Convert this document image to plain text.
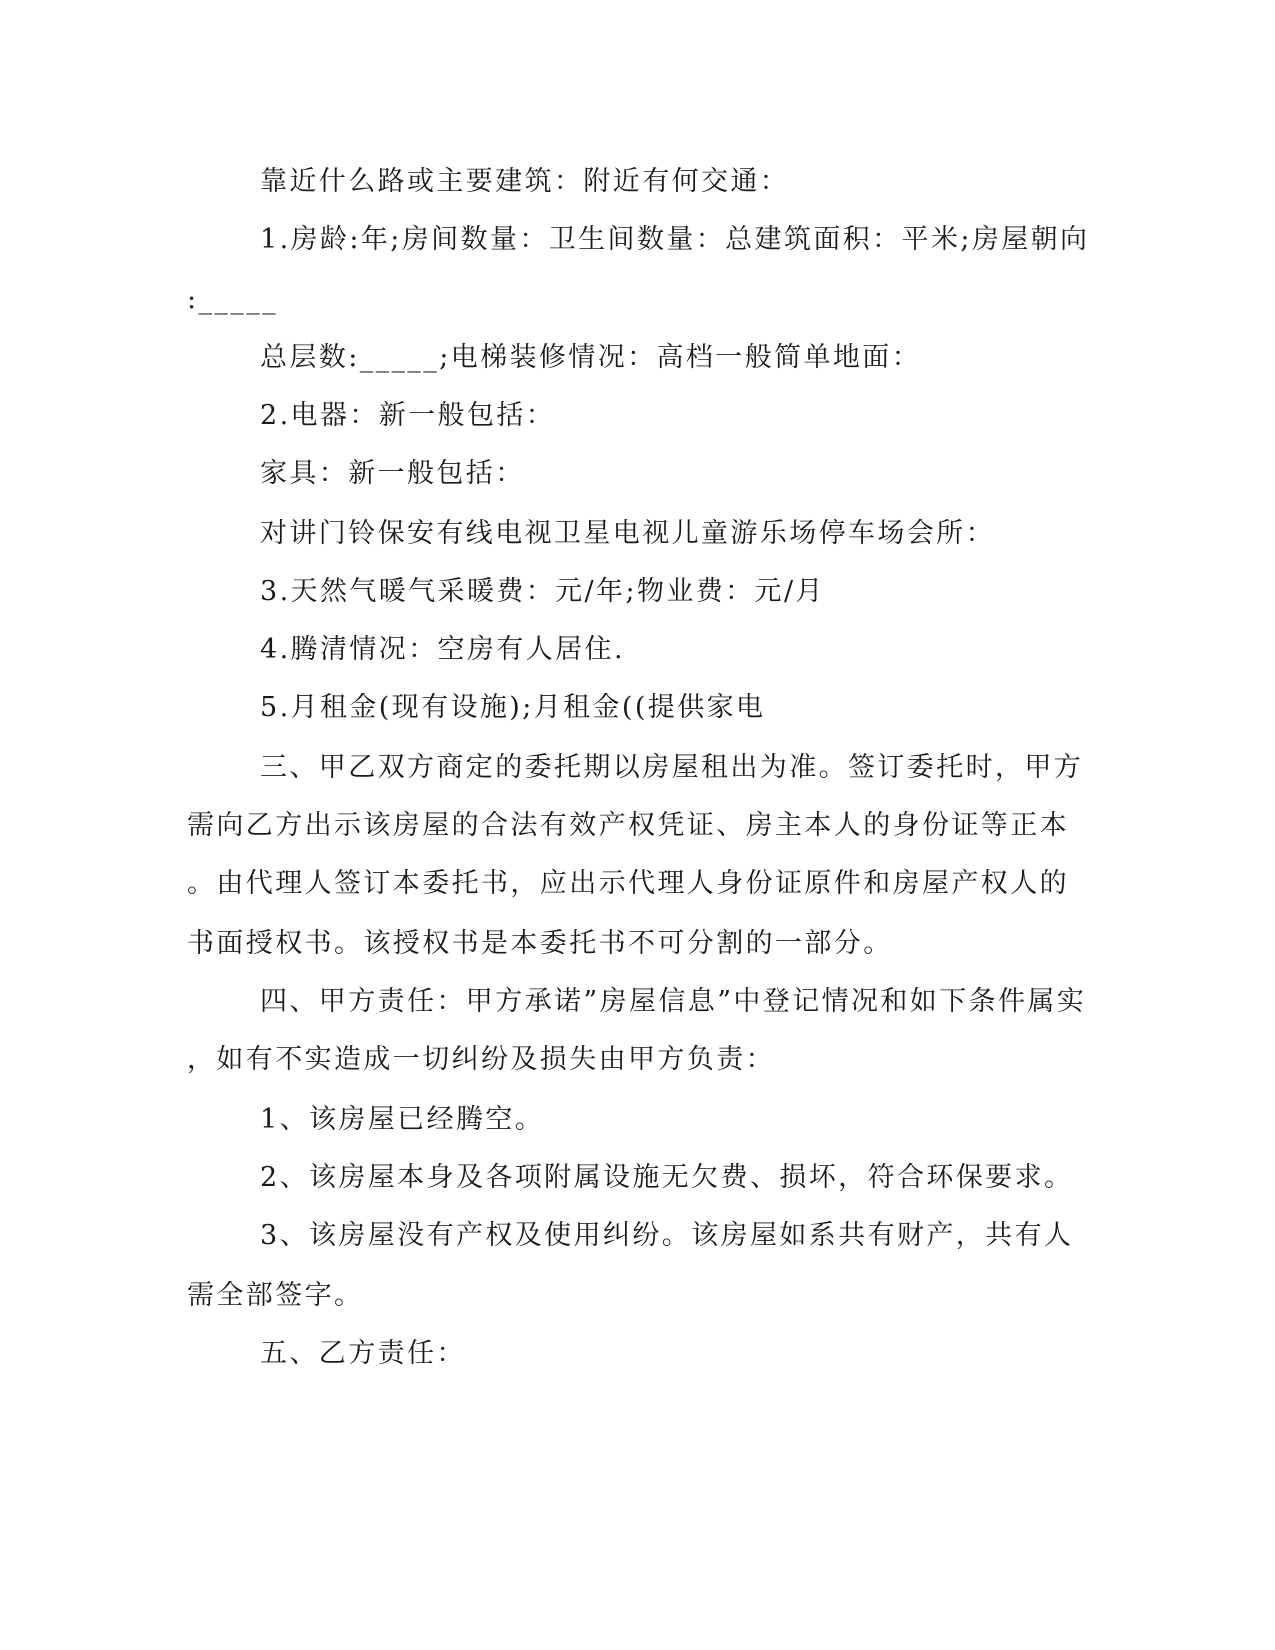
靠近什么路或主要建筑：附近有何交通：
1.房龄:年;房间数量：卫生间数量：总建筑面积：平米;房屋朝向
:_____
总层数:_____;电梯装修情况：高档一般简单地面：
2.电器：新一般包括：
家具：新一般包括：
对讲门铃保安有线电视卫星电视儿童游乐场停车场会所：
3.天然气暖气采暖费：元/年;物业费：元/月
4.腾清情况：空房有人居住.
5.月租金(现有设施);月租金((提供家电
三、甲乙双方商定的委托期以房屋租出为准。签订委托时，甲方
需向乙方出示该房屋的合法有效产权凭证、房主本人的身份证等正本
。由代理人签订本委托书，应出示代理人身份证原件和房屋产权人的
书面授权书。该授权书是本委托书不可分割的一部分。
四、甲方责任：甲方承诺”房屋信息”中登记情况和如下条件属实
，如有不实造成一切纠纷及损失由甲方负责：
1、该房屋已经腾空。
2、该房屋本身及各项附属设施无欠费、损坏，符合环保要求。
3、该房屋没有产权及使用纠纷。该房屋如系共有财产，共有人
需全部签字。
五、乙方责任：
